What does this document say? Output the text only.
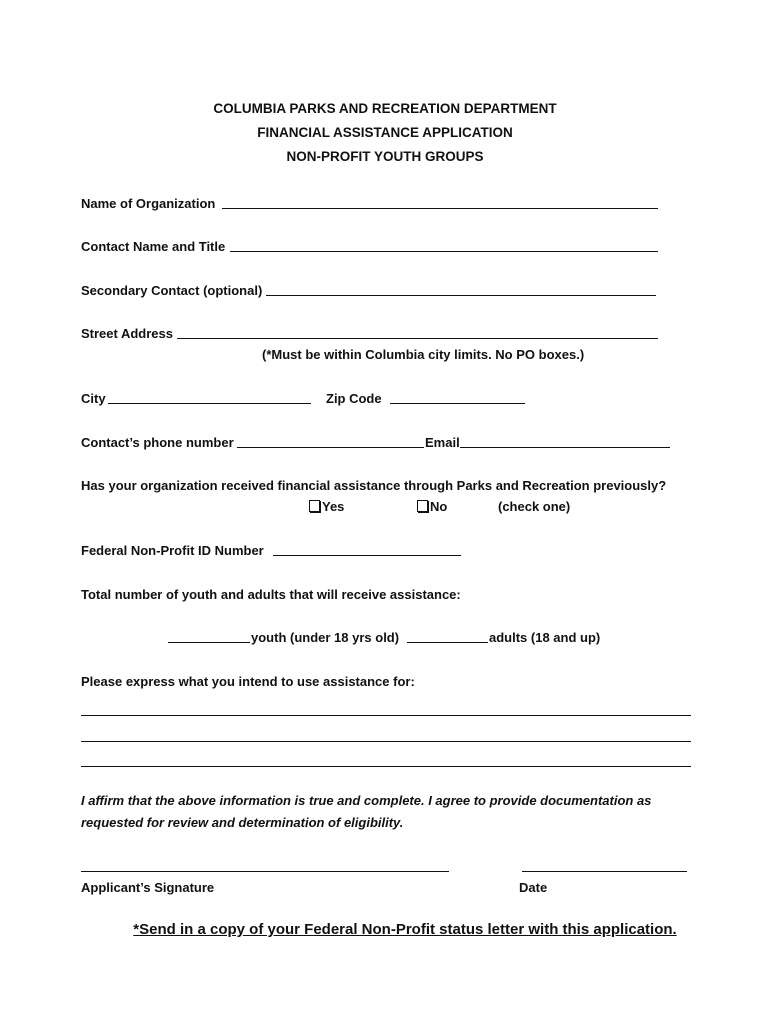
COLUMBIA PARKS AND RECREATION DEPARTMENT
FINANCIAL ASSISTANCE APPLICATION
NON-PROFIT YOUTH GROUPS
Name of Organization
Contact Name and Title
Secondary Contact (optional)
Street Address
(*Must be within Columbia city limits. No PO boxes.)
City	Zip Code
Contact’s phone number	Email
Has your organization received financial assistance through Parks and Recreation previously?
Yes	No	(check one)
Federal Non-Profit ID Number
Total number of youth and adults that will receive assistance:
youth (under 18 yrs old)	adults (18 and up)
Please express what you intend to use assistance for:
I affirm that the above information is true and complete. I agree to provide documentation as
requested for review and determination of eligibility.
Applicant’s Signature	Date
*Send in a copy of your Federal Non-Profit status letter with this application.
